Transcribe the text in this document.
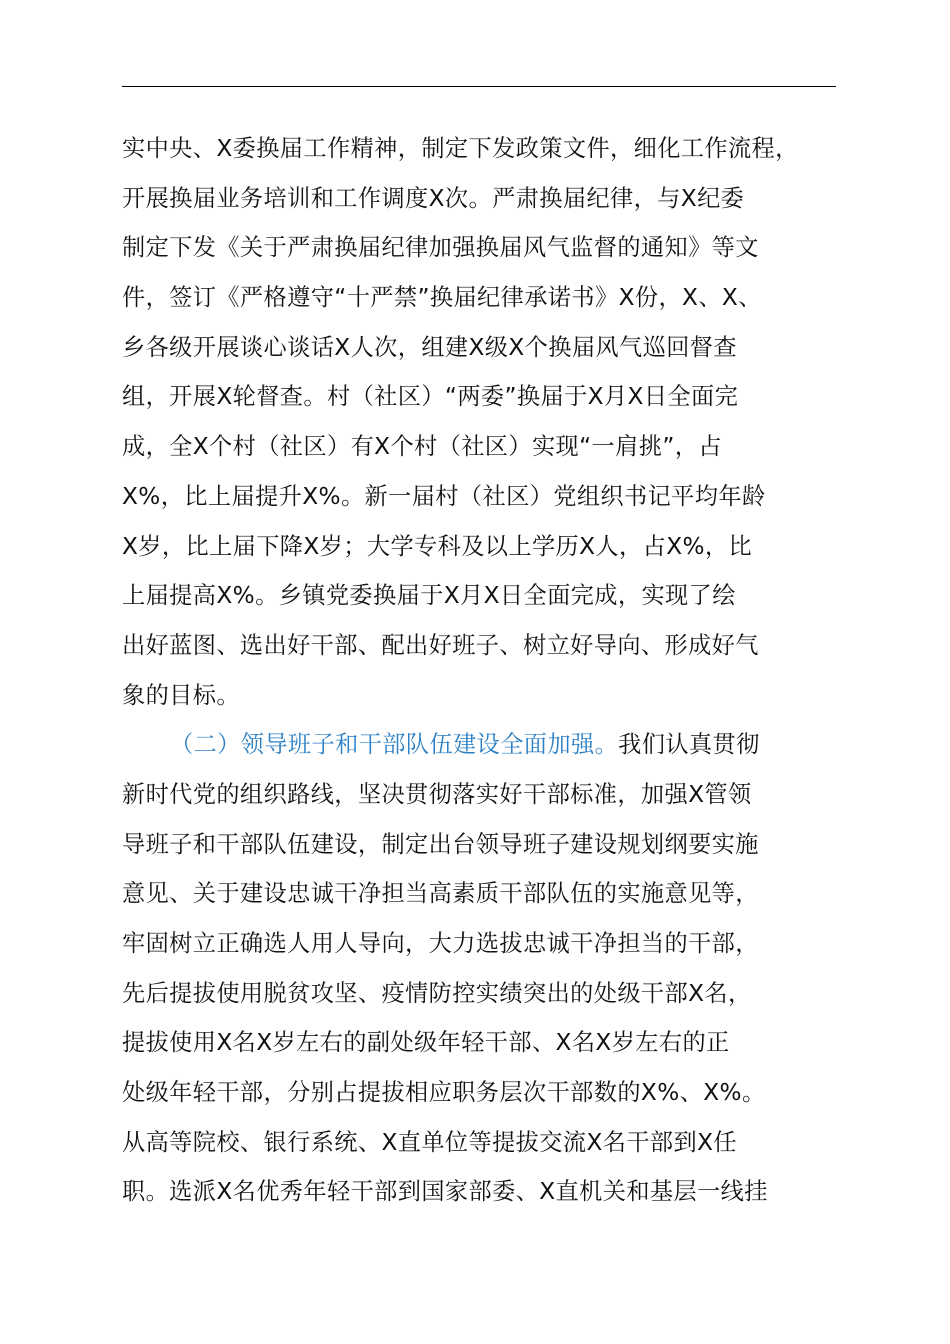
实中央、X委换届工作精神，制定下发政策文件，细化工作流程，
开展换届业务培训和工作调度X次。严肃换届纪律，与X纪委
制定下发《关于严肃换届纪律加强换届风气监督的通知》等文
件，签订《严格遵守“十严禁”换届纪律承诺书》X份，X、X、
乡各级开展谈心谈话X人次，组建X级X个换届风气巡回督查
组，开展X轮督查。村（社区）“两委”换届于X月X日全面完
成，全X个村（社区）有X个村（社区）实现“一肩挑”，占
X%，比上届提升X%。新一届村（社区）党组织书记平均年龄
X岁，比上届下降X岁；大学专科及以上学历X人，占X%，比
上届提高X%。乡镇党委换届于X月X日全面完成，实现了绘
出好蓝图、选出好干部、配出好班子、树立好导向、形成好气
象的目标。
（二）领导班子和干部队伍建设全面加强。我们认真贯彻
新时代党的组织路线，坚决贯彻落实好干部标准，加强X管领
导班子和干部队伍建设，制定出台领导班子建设规划纲要实施
意见、关于建设忠诚干净担当高素质干部队伍的实施意见等，
牢固树立正确选人用人导向，大力选拔忠诚干净担当的干部，
先后提拔使用脱贫攻坚、疫情防控实绩突出的处级干部X名，
提拔使用X名X岁左右的副处级年轻干部、X名X岁左右的正
处级年轻干部，分别占提拔相应职务层次干部数的X%、X%。
从高等院校、银行系统、X直单位等提拔交流X名干部到X任
职。选派X名优秀年轻干部到国家部委、X直机关和基层一线挂
